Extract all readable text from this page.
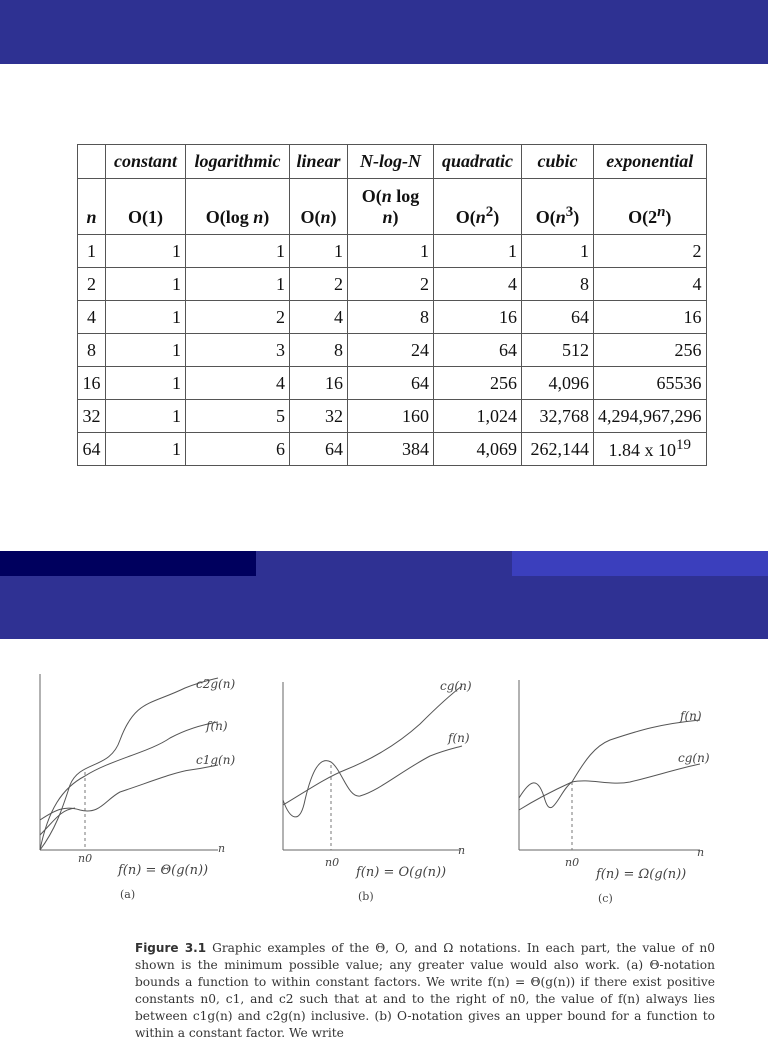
	constant	logarithmic	linear	N-log-N	quadratic	cubic	exponential
n	O(1)	O(log n)	O(n)	O(n log n)	$O(n^2)$	$O(n^3)$	O(2$^n$)
1	1	1	1	1	1	1	2
2	1	1	2	2	4	8	4
4	1	2	4	8	16	64	16
8	1	3	8	24	64	512	256
16	1	4	16	64	256	4,096	65536
32	1	5	32	160	1,024	32,768	4,294,967,296
64	1	6	64	384	4,069	262,144	1.84 x $10^{19}$
c2g(n)
f(n)
c1g(n)
n
n0
f(n) = Θ(g(n))
(a)
cg(n)
f(n)
n
n0
f(n) = O(g(n))
(b)
f(n)
cg(n)
n
n0
f(n) = Ω(g(n))
(c)

Figure 3.1 Graphic examples of the Θ, O, and Ω notations. In each part, the value of n0 shown is the minimum possible value; any greater value would also work. (a) Θ-notation bounds a function to within constant factors. We write f(n) = Θ(g(n)) if there exist positive constants n0, c1, and c2 such that at and to the right of n0, the value of f(n) always lies between c1g(n) and c2g(n) inclusive. (b) O-notation gives an upper bound for a function to within a constant factor. We write
